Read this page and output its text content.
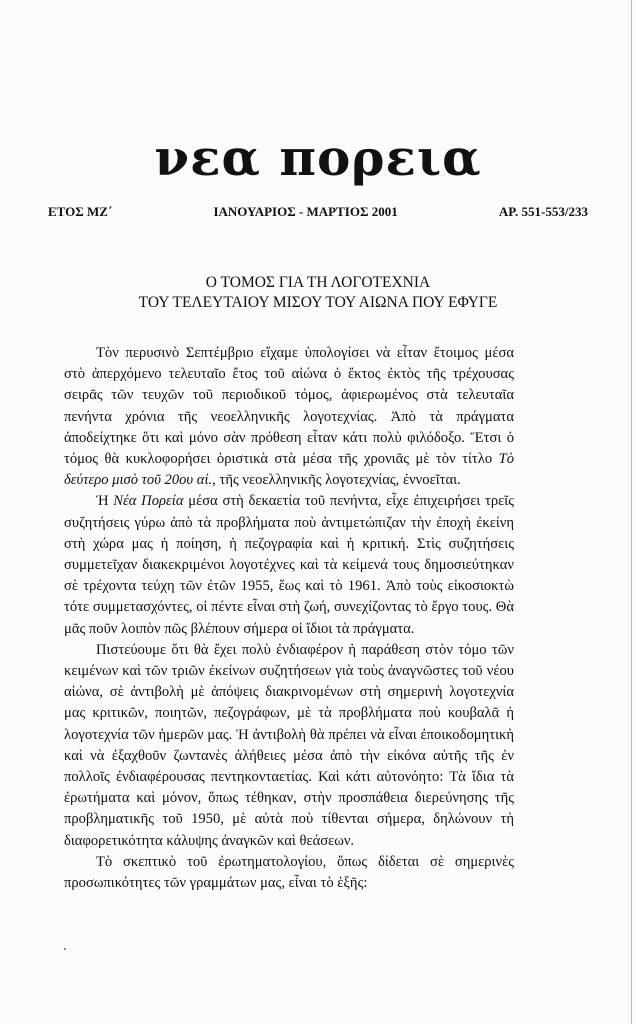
νεα πορεια
ΕΤΟΣ ΜΖ΄	ΙΑΝΟΥΑΡΙΟΣ - ΜΑΡΤΙΟΣ 2001	ΑΡ. 551-553/233
Ο ΤΟΜΟΣ ΓΙΑ ΤΗ ΛΟΓΟΤΕΧΝΙΑ
ΤΟΥ ΤΕΛΕΥΤΑΙΟΥ ΜΙΣΟΥ ΤΟΥ ΑΙΩΝΑ ΠΟΥ ΕΦΥΓΕ

Τὸν περυσινὸ Σεπτέμβριο εἴχαμε ὑπολογίσει νὰ εἶταν ἕτοιμος μέσα στὸ ἀπερχόμενο τελευταῖο ἔτος τοῦ αἰώνα ὁ ἔκτος ἐκτὸς τῆς τρέχουσας σειρᾶς τῶν τευχῶν τοῦ περιοδικοῦ τόμος, ἀφιερωμένος στὰ τελευταῖα πενήντα χρόνια τῆς νεοελληνικῆς λογοτεχνίας. Ἀπὸ τὰ πράγματα ἀποδείχτηκε ὅτι καὶ μόνο σὰν πρόθεση εἶταν κάτι πολὺ φιλόδοξο. Ἔτσι ὁ τόμος θὰ κυκλοφορήσει ὁριστικὰ στὰ μέσα τῆς χρονιᾶς μὲ τὸν τίτλο Τὸ δεύτερο μισὸ τοῦ 20ου αἰ., τῆς νεοελληνικῆς λογοτεχνίας, ἐννοεῖται.

Ἡ Νέα Πορεία μέσα στὴ δεκαετία τοῦ πενήντα, εἶχε ἐπιχειρήσει τρεῖς συζητήσεις γύρω ἀπὸ τὰ προβλήματα ποὺ ἀντιμετώπιζαν τὴν ἐποχὴ ἐκείνη στὴ χώρα μας ἡ ποίηση, ἡ πεζογραφία καὶ ἡ κριτική. Στὶς συζητήσεις συμμετεῖχαν διακεκριμένοι λογοτέχνες καὶ τὰ κείμενά τους δημοσιεύτηκαν σὲ τρέχοντα τεύχη τῶν ἐτῶν 1955, ἕως καὶ τὸ 1961. Ἀπὸ τοὺς εἰκοσιοκτὼ τότε συμμετασχόντες, οἱ πέντε εἶναι στὴ ζωή, συνεχίζοντας τὸ ἔργο τους. Θὰ μᾶς ποῦν λοιπὸν πῶς βλέπουν σήμερα οἱ ἴδιοι τὰ πράγματα.

Πιστεύουμε ὅτι θὰ ἔχει πολὺ ἐνδιαφέρον ἡ παράθεση στὸν τόμο τῶν κειμένων καὶ τῶν τριῶν ἐκείνων συζητήσεων γιὰ τοὺς ἀναγνῶστες τοῦ νέου αἰώνα, σὲ ἀντιβολὴ μὲ ἀπόψεις διακρινομένων στὴ σημερινὴ λογοτεχνία μας κριτικῶν, ποιητῶν, πεζογράφων, μὲ τὰ προβλήματα ποὺ κουβαλᾶ ἡ λογοτεχνία τῶν ἡμερῶν μας. Ἡ ἀντιβολὴ θὰ πρέπει νὰ εἶναι ἐποικοδομητικὴ καὶ νὰ ἐξαχθοῦν ζωντανὲς ἀλήθειες μέσα ἀπὸ τὴν εἰκόνα αὐτῆς τῆς ἐν πολλοῖς ἐνδιαφέρουσας πεντηκονταετίας. Καὶ κάτι αὐτονόητο: Τὰ ἴδια τὰ ἐρωτήματα καὶ μόνον, ὅπως τέθηκαν, στὴν προσπάθεια διερεύνησης τῆς προβληματικῆς τοῦ 1950, μὲ αὐτὰ ποὺ τίθενται σήμερα, δηλώνουν τὴ διαφορετικότητα κάλυψης ἀναγκῶν καὶ θεάσεων.

Τὸ σκεπτικὸ τοῦ ἐρωτηματολογίου, ὅπως δίδεται σὲ σημερινὲς προσωπικότητες τῶν γραμμάτων μας, εἶναι τὸ ἑξῆς:
